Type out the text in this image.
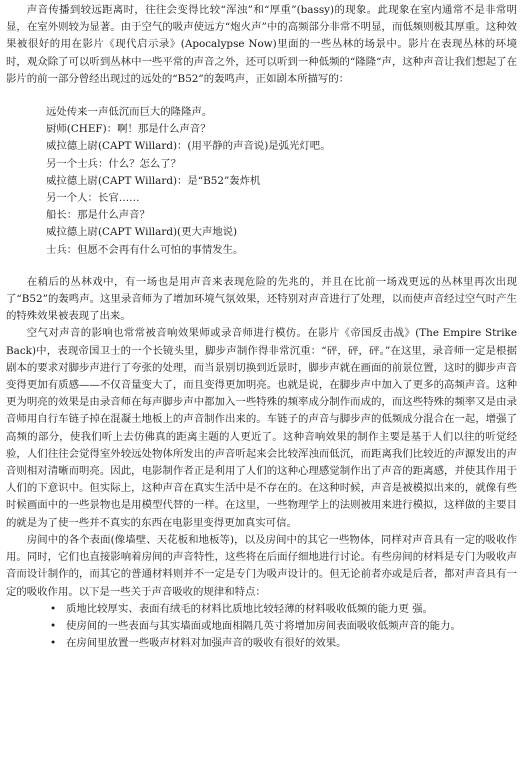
声音传播到较远距离时，往往会变得比较“浑浊”和“厚重”(bassy)的现象。此现象在室内通常不是非常明显，在室外则较为显著。由于空气的吸声使远方“炮火声”中的高频部分非常不明显，而低频则极其厚重。这种效果被很好的用在影片《现代启示录》(Apocalypse Now)里面的一些丛林的场景中。影片在表现丛林的环境时，观众除了可以听到丛林中一些平常的声音之外，还可以听到一种低频的“隆隆“声，这种声音让我们想起了在影片的前一部分曾经出现过的远处的“B52”的轰鸣声，正如剧本所描写的：

远处传来一声低沉而巨大的隆隆声。
厨师(CHEF)：啊！那是什么声音？
威拉德上尉(CAPT Willard)：(用平静的声音说)是弧光灯吧。
另一个士兵：什么？怎么了？
威拉德上尉(CAPT Willard)：是“B52”轰炸机
另一个人：长官……
船长：那是什么声音？
威拉德上尉(CAPT Willard)(更大声地说)
士兵：但愿不会再有什么可怕的事情发生。

在稍后的丛林戏中，有一场也是用声音来表现危险的先兆的，并且在比前一场戏更远的丛林里再次出现了“B52”的轰鸣声。这里录音师为了增加环境气氛效果，还特别对声音进行了处理，以而使声音经过空气时产生的特殊效果被表现了出来。

空气对声音的影响也常常被音响效果师或录音师进行模仿。在影片《帝国反击战》(The Empire Strike Back)中，表现帝国卫士的一个长镜头里，脚步声制作得非常沉重：“砰，砰，砰。”在这里，录音师一定是根据剧本的要求对脚步声进行了夸张的处理，而当景别切换到近景时，脚步声就在画面的前景位置，这时的脚步声音变得更加有质感——不仅音量变大了，而且变得更加明亮。也就是说，在脚步声中加入了更多的高频声音。这种更为明亮的效果是由录音师在每声脚步声中都加入一些特殊的频率成分制作而成的，而这些特殊的频率又是由录音师用自行车链子掉在混凝土地板上的声音制作出来的。车链子的声音与脚步声的低频成分混合在一起，增强了高频的部分，使我们听上去仿佛真的距离主题的人更近了。这种音响效果的制作主要是基于人们以往的听觉经验，人们往往会觉得室外较远处物体所发出的声音听起来会比较浑浊而低沉，而距离我们比较近的声源发出的声音则相对清晰而明亮。因此，电影制作者正是利用了人们的这种心理感觉制作出了声音的距离感，并使其作用于人们的下意识中。但实际上，这种声音在真实生活中是不存在的。在这种时候，声音是被模拟出来的，就像有些时候画面中的一些景物也是用模型代替的一样。在这里，一些物理学上的法则被用来进行模拟，这样做的主要目的就是为了使一些并不真实的东西在电影里变得更加真实可信。

房间中的各个表面(像墙壁、天花板和地板等)，以及房间中的其它一些物体，同样对声音具有一定的吸收作用。同时，它们也直接影响着房间的声音特性，这些将在后面仔细地进行讨论。有些房间的材料是专门为吸收声音而设计制作的，而其它的普通材料则并不一定是专门为吸声设计的。但无论前者亦或是后者，都对声音具有一定的吸收作用。以下是一些关于声音吸收的规律和特点：

• 质地比较厚实、表面有绒毛的材料比质地比较轻薄的材料吸收低频的能力更 强。
• 使房间的一些表面与其实墙面或地面相隔几英寸将增加房间表面吸收低频声音的能力。
• 在房间里放置一些吸声材料对加强声音的吸收有很好的效果。
